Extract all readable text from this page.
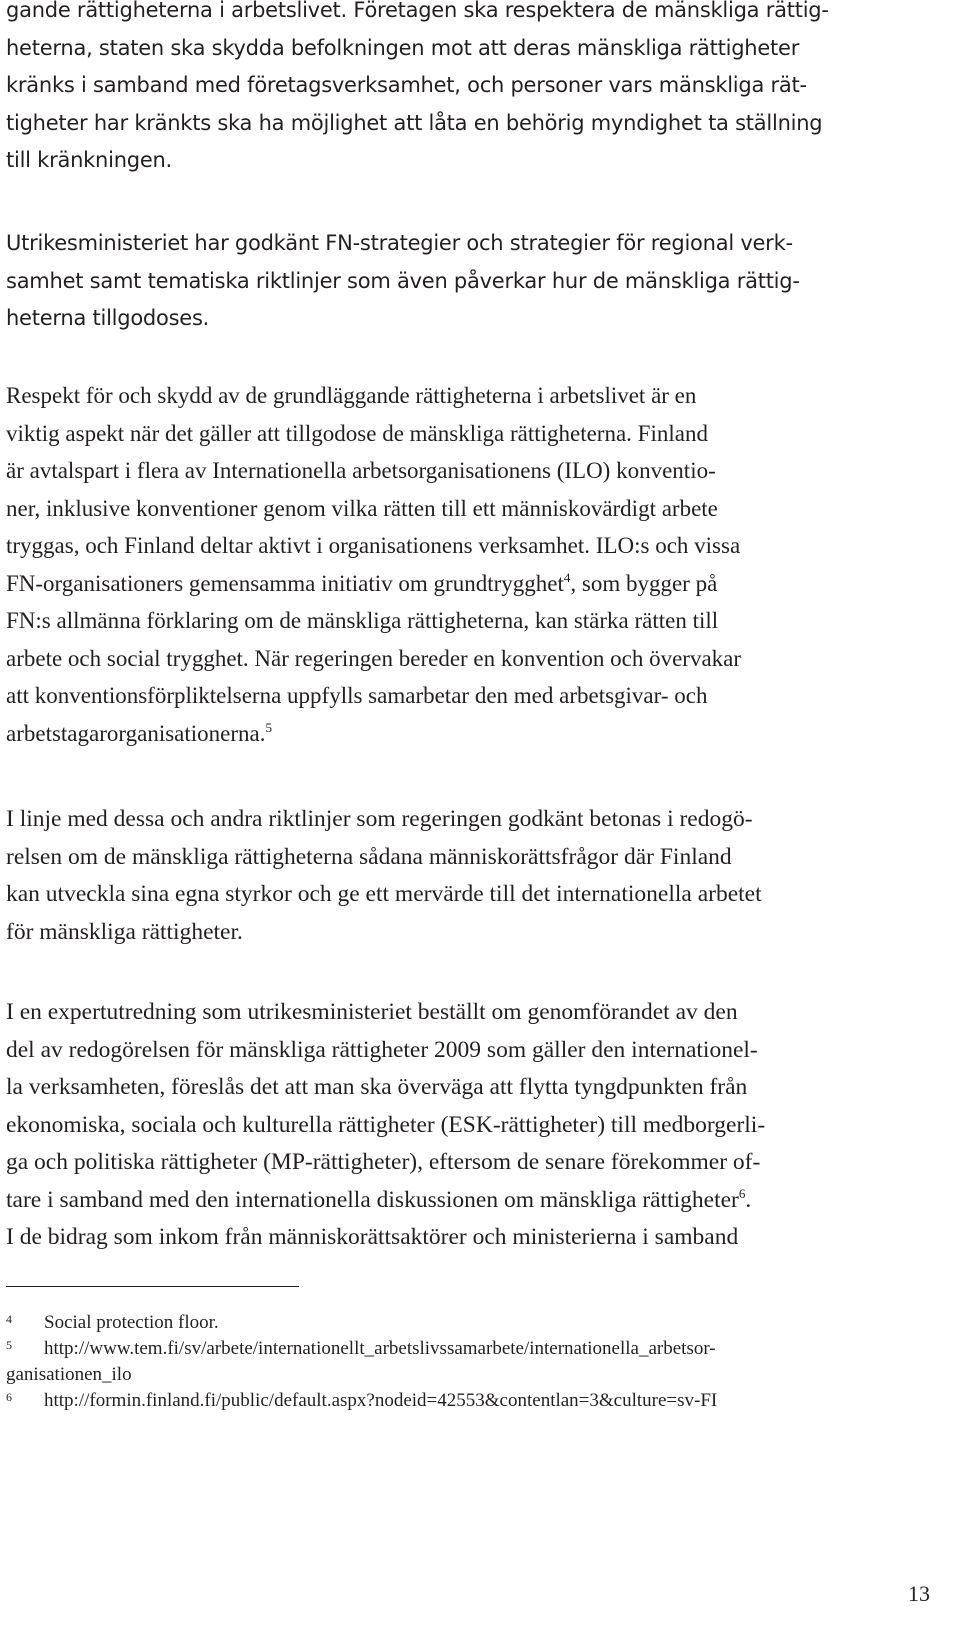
gande rättigheterna i arbetslivet. Företagen ska respektera de mänskliga rättig-
heterna, staten ska skydda befolkningen mot att deras mänskliga rättigheter
kränks i samband med företagsverksamhet, och personer vars mänskliga rät-
tigheter har kränkts ska ha möjlighet att låta en behörig myndighet ta ställning
till kränkningen.
Utrikesministeriet har godkänt FN-strategier och strategier för regional verk-
samhet samt tematiska riktlinjer som även påverkar hur de mänskliga rättig-
heterna tillgodoses.
Respekt för och skydd av de grundläggande rättigheterna i arbetslivet är en
viktig aspekt när det gäller att tillgodose de mänskliga rättigheterna. Finland
är avtalspart i flera av Internationella arbetsorganisationens (ILO) konventio-
ner, inklusive konventioner genom vilka rätten till ett människovärdigt arbete
tryggas, och Finland deltar aktivt i organisationens verksamhet. ILO:s och vissa
FN-organisationers gemensamma initiativ om grundtrygghet$^4$, som bygger på
FN:s allmänna förklaring om de mänskliga rättigheterna, kan stärka rätten till
arbete och social trygghet. När regeringen bereder en konvention och övervakar
att konventionsförpliktelserna uppfylls samarbetar den med arbetsgivar- och
arbetstagarorganisationerna.$^5$
I linje med dessa och andra riktlinjer som regeringen godkänt betonas i redogö-
relsen om de mänskliga rättigheterna sådana människorättsfrågor där Finland
kan utveckla sina egna styrkor och ge ett mervärde till det internationella arbetet
för mänskliga rättigheter.
I en expertutredning som utrikesministeriet beställt om genomförandet av den
del av redogörelsen för mänskliga rättigheter 2009 som gäller den internationel-
la verksamheten, föreslås det att man ska överväga att flytta tyngdpunkten från
ekonomiska, sociala och kulturella rättigheter (ESK-rättigheter) till medborgerli-
ga och politiska rättigheter (MP-rättigheter), eftersom de senare förekommer of-
tare i samband med den internationella diskussionen om mänskliga rättigheter$^6$.
I de bidrag som inkom från människorättsaktörer och ministerierna i samband
4 Social protection floor.
5 http://www.tem.fi/sv/arbete/internationellt_arbetslivssamarbete/internationella_arbetsor-
ganisationen_ilo
6 http://formin.finland.fi/public/default.aspx?nodeid=42553&contentlan=3&culture=sv-FI
13
